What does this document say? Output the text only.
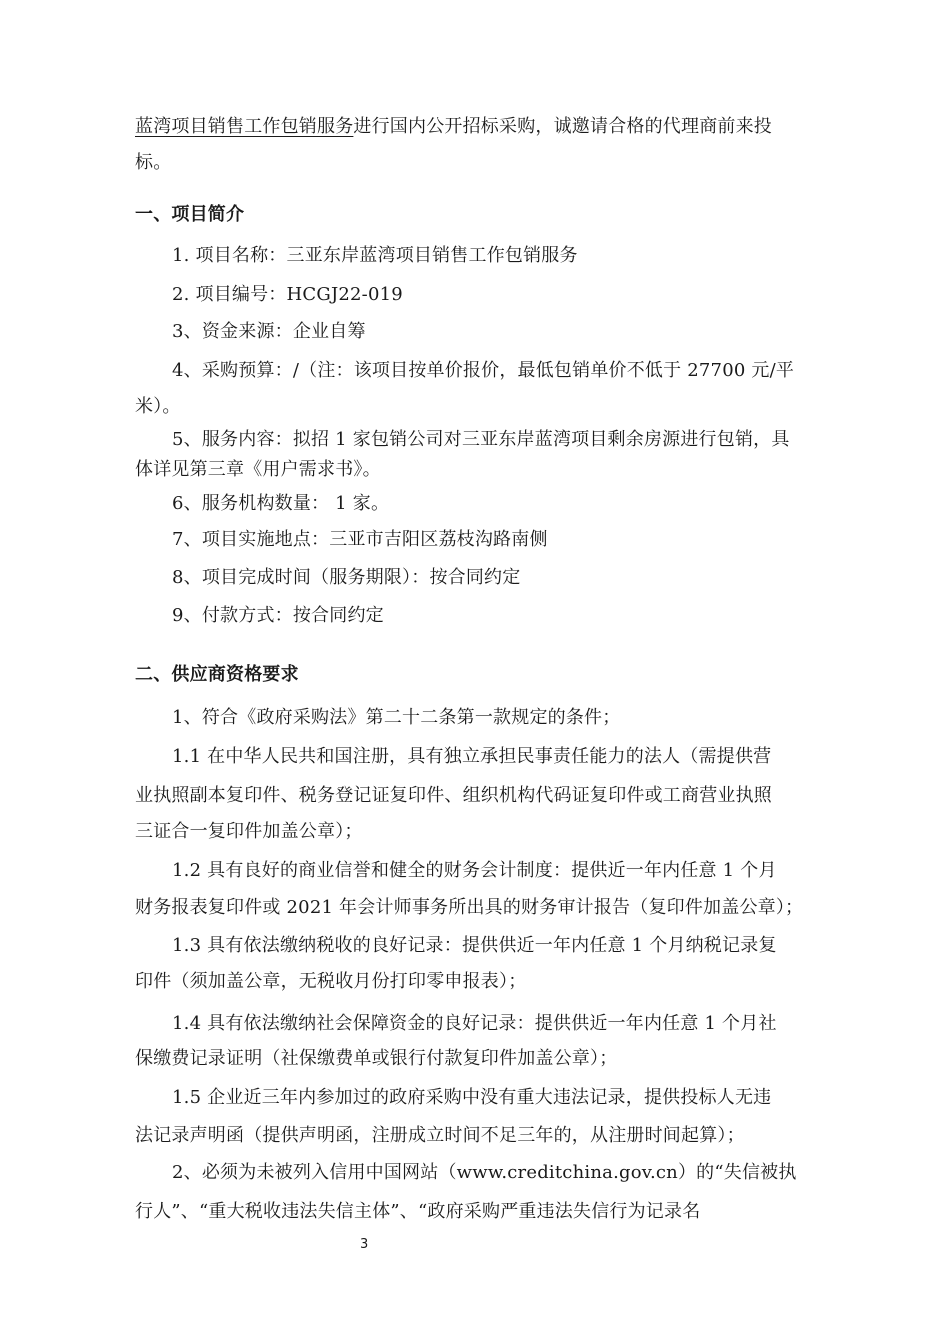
蓝湾项目销售工作包销服务进行国内公开招标采购，诚邀请合格的代理商前来投
标。
一、项目简介
1. 项目名称：三亚东岸蓝湾项目销售工作包销服务
2. 项目编号：HCGJ22-019
3、资金来源：企业自筹
4、采购预算：/（注：该项目按单价报价，最低包销单价不低于 27700 元/平
米）。
5、服务内容：拟招 1 家包销公司对三亚东岸蓝湾项目剩余房源进行包销，具
体详见第三章《用户需求书》。
6、服务机构数量： 1 家。
7、项目实施地点：三亚市吉阳区荔枝沟路南侧
8、项目完成时间（服务期限）：按合同约定
9、付款方式：按合同约定
二、供应商资格要求
1、符合《政府采购法》第二十二条第一款规定的条件；
1.1 在中华人民共和国注册，具有独立承担民事责任能力的法人（需提供营
业执照副本复印件、税务登记证复印件、组织机构代码证复印件或工商营业执照
三证合一复印件加盖公章）；
1.2 具有良好的商业信誉和健全的财务会计制度：提供近一年内任意 1 个月
财务报表复印件或 2021 年会计师事务所出具的财务审计报告（复印件加盖公章）；
1.3 具有依法缴纳税收的良好记录：提供供近一年内任意 1 个月纳税记录复
印件（须加盖公章，无税收月份打印零申报表）；
1.4 具有依法缴纳社会保障资金的良好记录：提供供近一年内任意 1 个月社
保缴费记录证明（社保缴费单或银行付款复印件加盖公章）；
1.5 企业近三年内参加过的政府采购中没有重大违法记录，提供投标人无违
法记录声明函（提供声明函，注册成立时间不足三年的，从注册时间起算）；
2、必须为未被列入信用中国网站（www.creditchina.gov.cn）的“失信被执
行人”、“重大税收违法失信主体”、“政府采购严重违法失信行为记录名
3
